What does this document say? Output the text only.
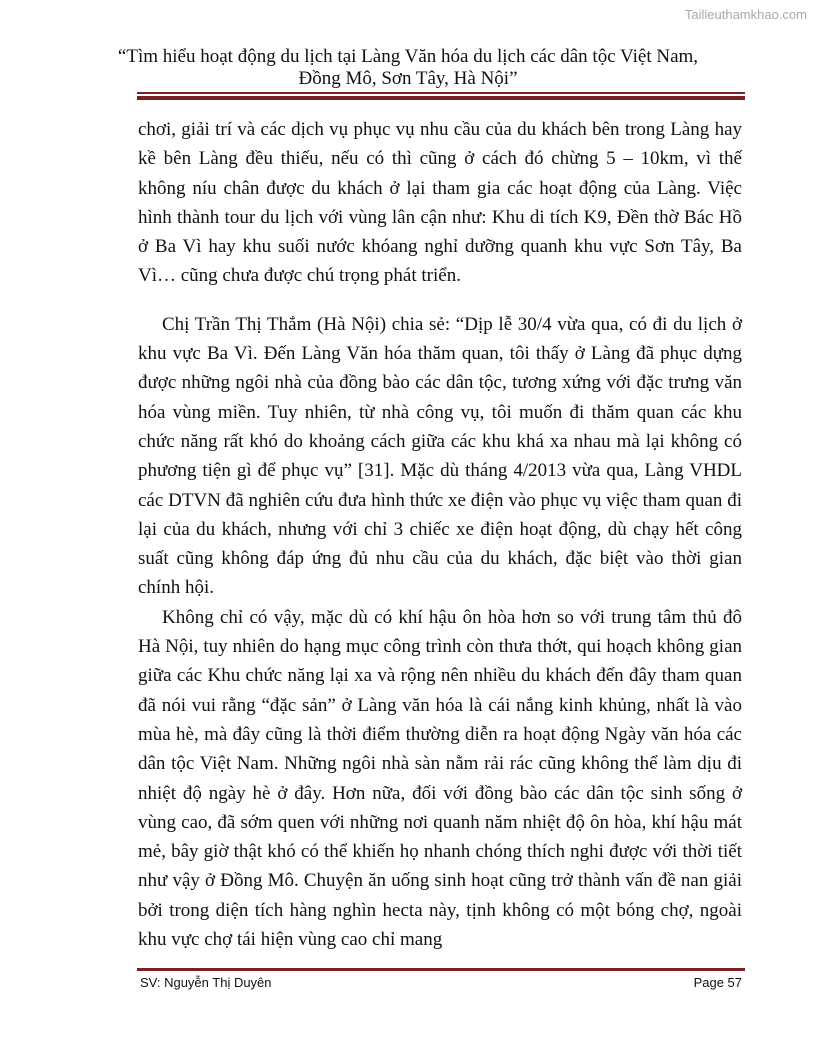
Tailieuthamkhao.com
“Tìm hiểu hoạt động du lịch tại Làng Văn hóa du lịch các dân tộc Việt Nam,
Đồng Mô, Sơn Tây, Hà Nội”

chơi, giải trí và các dịch vụ phục vụ nhu cầu của du khách bên trong Làng hay kề bên Làng đều thiếu, nếu có thì cũng ở cách đó chừng 5 – 10km, vì thế không níu chân được du khách ở lại tham gia các hoạt động của Làng. Việc hình thành tour du lịch với vùng lân cận như: Khu di tích K9, Đền thờ Bác Hồ ở Ba Vì hay khu suối nước khóang nghỉ dưỡng quanh khu vực Sơn Tây, Ba Vì… cũng chưa được chú trọng phát triển.

Chị Trần Thị Thắm (Hà Nội) chia sẻ: “Dịp lễ 30/4 vừa qua, có đi du lịch ở khu vực Ba Vì. Đến Làng Văn hóa thăm quan, tôi thấy ở Làng đã phục dựng được những ngôi nhà của đồng bào các dân tộc, tương xứng với đặc trưng văn hóa vùng miền. Tuy nhiên, từ nhà công vụ, tôi muốn đi thăm quan các khu chức năng rất khó do khoảng cách giữa các khu khá xa nhau mà lại không có phương tiện gì để phục vụ” [31]. Mặc dù tháng 4/2013 vừa qua, Làng VHDL các DTVN đã nghiên cứu đưa hình thức xe điện vào phục vụ việc tham quan đi lại của du khách, nhưng với chỉ 3 chiếc xe điện hoạt động, dù chạy hết công suất cũng không đáp ứng đủ nhu cầu của du khách, đặc biệt vào thời gian chính hội.

Không chỉ có vậy, mặc dù có khí hậu ôn hòa hơn so với trung tâm thủ đô Hà Nội, tuy nhiên do hạng mục công trình còn thưa thớt, qui hoạch không gian giữa các Khu chức năng lại xa và rộng nên nhiều du khách đến đây tham quan đã nói vui rằng “đặc sản” ở Làng văn hóa là cái nắng kinh khủng, nhất là vào mùa hè, mà đây cũng là thời điểm thường diễn ra hoạt động Ngày văn hóa các dân tộc Việt Nam. Những ngôi nhà sàn nằm rải rác cũng không thể làm dịu đi nhiệt độ ngày hè ở đây. Hơn nữa, đối với đồng bào các dân tộc sinh sống ở vùng cao, đã sớm quen với những nơi quanh năm nhiệt độ ôn hòa, khí hậu mát mẻ, bây giờ thật khó có thể khiến họ nhanh chóng thích nghi được với thời tiết như vậy ở Đồng Mô. Chuyện ăn uống sinh hoạt cũng trở thành vấn đề nan giải bởi trong diện tích hàng nghìn hecta này, tịnh không có một bóng chợ, ngoài khu vực chợ tái hiện vùng cao chỉ mang

SV: Nguyễn Thị Duyên	Page 57
